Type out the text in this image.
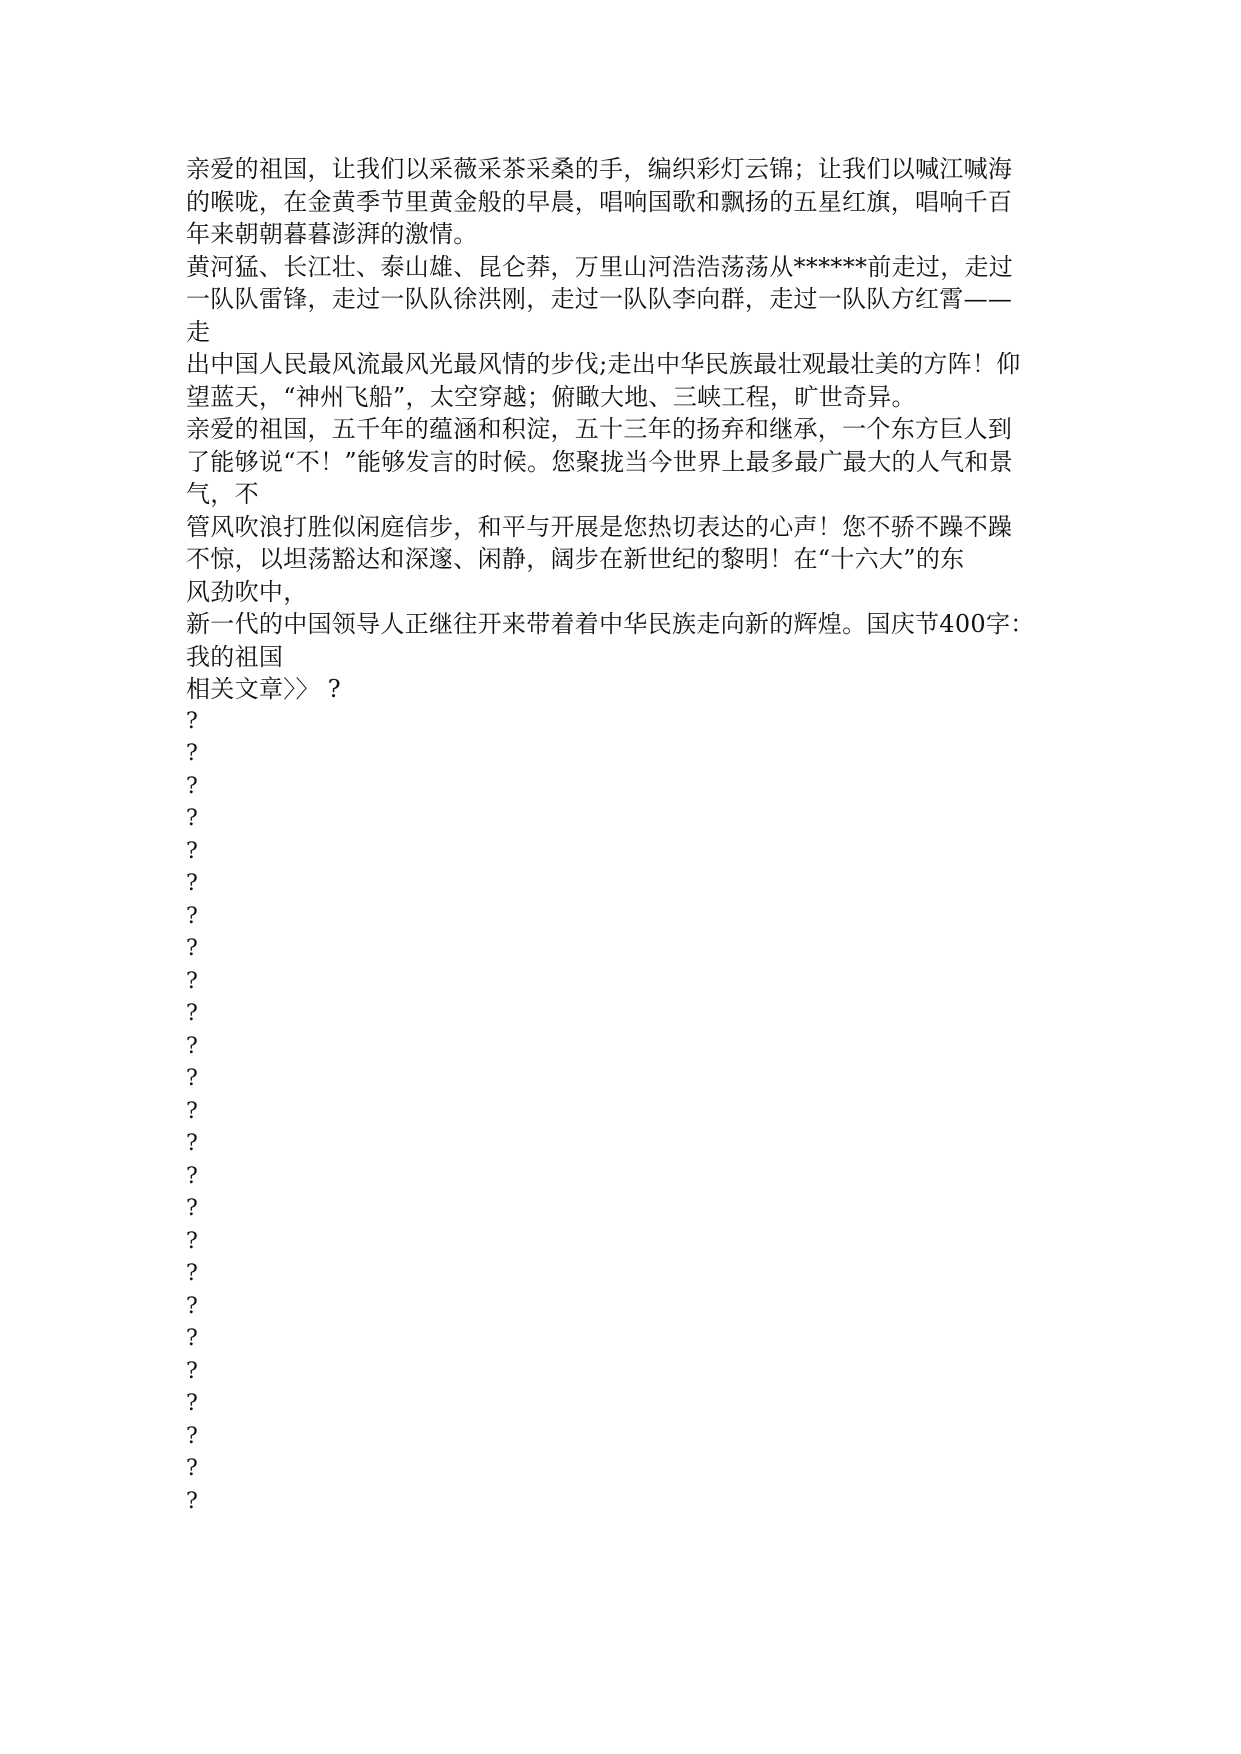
亲爱的祖国，让我们以采薇采茶采桑的手，编织彩灯云锦；让我们以喊江喊海
的喉咙，在金黄季节里黄金般的早晨，唱响国歌和飘扬的五星红旗，唱响千百
年来朝朝暮暮澎湃的激情。
黄河猛、长江壮、泰山雄、昆仑莽，万里山河浩浩荡荡从******前走过，走过
一队队雷锋，走过一队队徐洪刚，走过一队队李向群，走过一队队方红霄——
走
出中国人民最风流最风光最风情的步伐;走出中华民族最壮观最壮美的方阵！仰
望蓝天，“神州飞船”，太空穿越；俯瞰大地、三峡工程，旷世奇异。
亲爱的祖国，五千年的蕴涵和积淀，五十三年的扬弃和继承，一个东方巨人到
了能够说“不！”能够发言的时候。您聚拢当今世界上最多最广最大的人气和景
气，不
管风吹浪打胜似闲庭信步，和平与开展是您热切表达的心声！您不骄不躁不躁
不惊，以坦荡豁达和深邃、闲静，阔步在新世纪的黎明！在“十六大”的东
风劲吹中，
新一代的中国领导人正继往开来带着着中华民族走向新的辉煌。国庆节400字：
我的祖国
相关文章〉〉 ?
?
?
?
?
?
?
?
?
?
?
?
?
?
?
?
?
?
?
?
?
?
?
?
?
?
